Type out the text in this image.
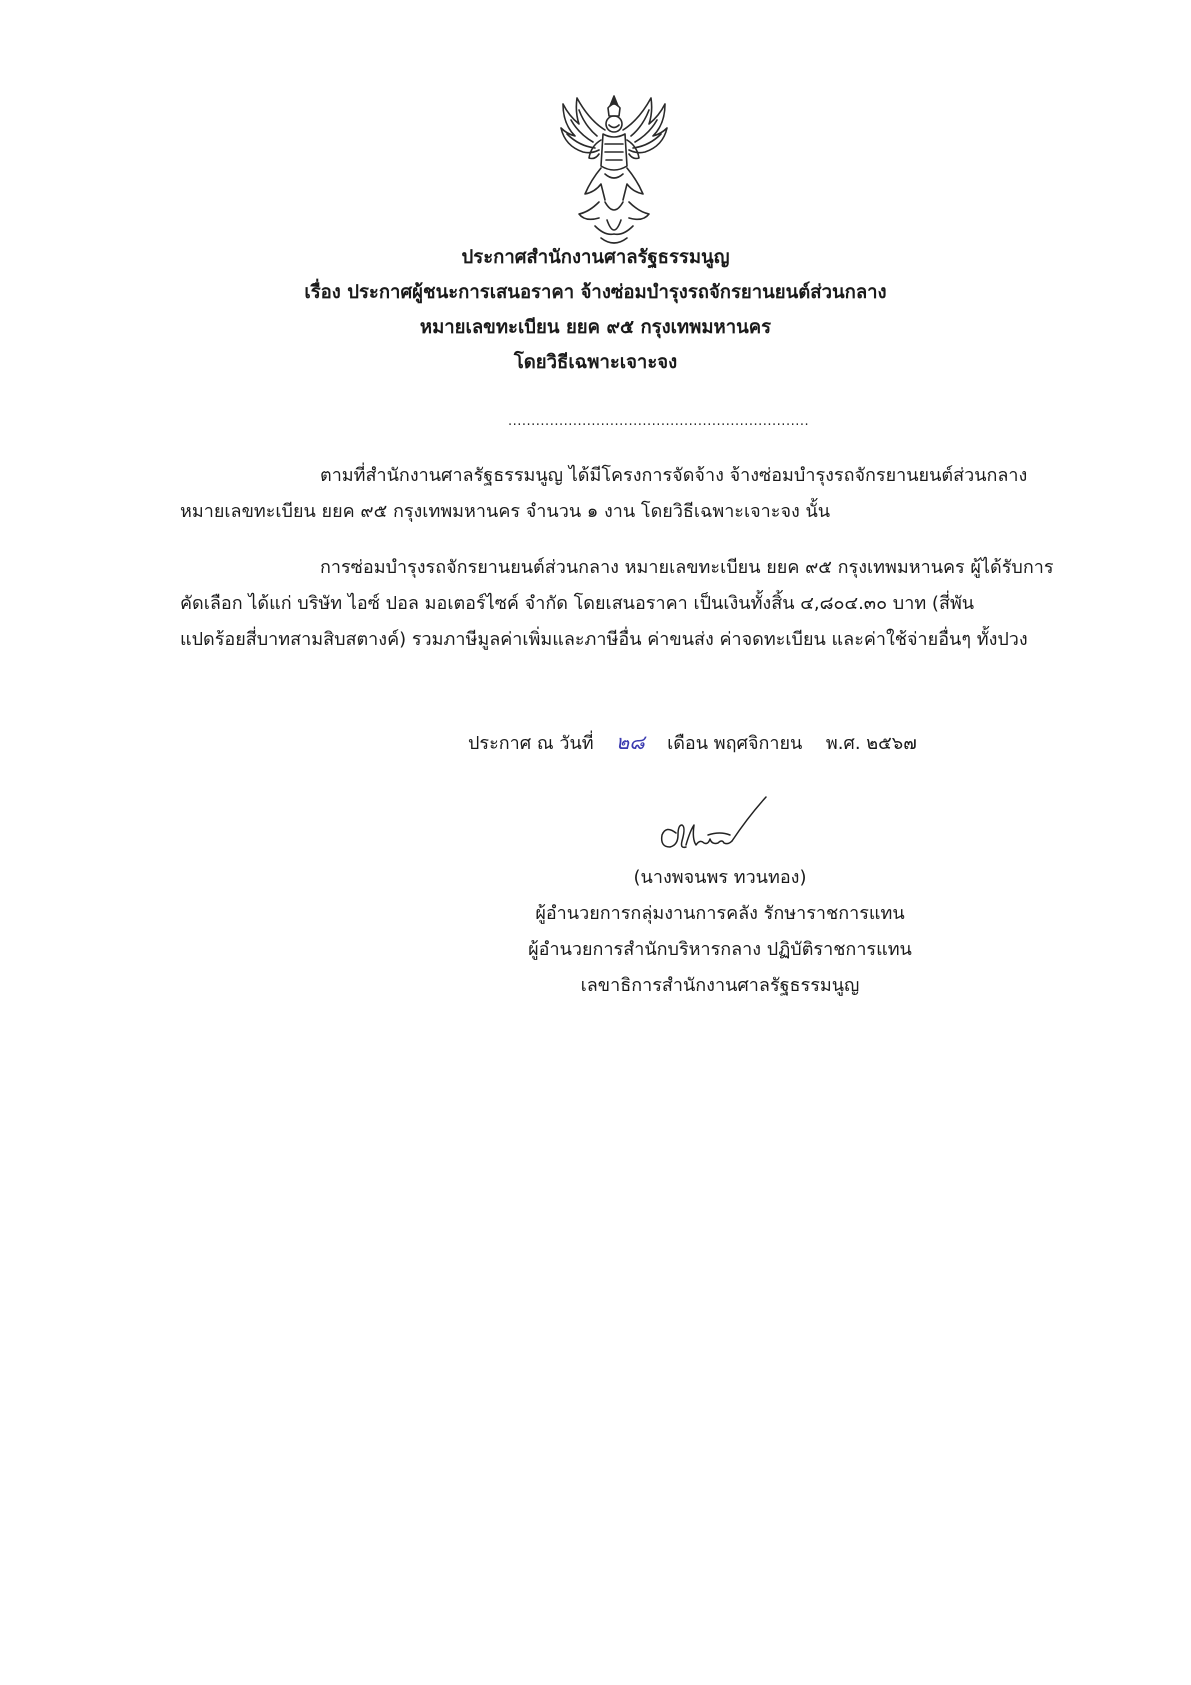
ประกาศสำนักงานศาลรัฐธรรมนูญ
เรื่อง ประกาศผู้ชนะการเสนอราคา จ้างซ่อมบำรุงรถจักรยานยนต์ส่วนกลาง
หมายเลขทะเบียน ยยค ๙๕ กรุงเทพมหานคร
โดยวิธีเฉพาะเจาะจง
.................................................................
ตามที่สำนักงานศาลรัฐธรรมนูญ ได้มีโครงการจัดจ้าง จ้างซ่อมบำรุงรถจักรยานยนต์ส่วนกลาง
หมายเลขทะเบียน ยยค ๙๕ กรุงเทพมหานคร จำนวน ๑ งาน โดยวิธีเฉพาะเจาะจง นั้น
การซ่อมบำรุงรถจักรยานยนต์ส่วนกลาง หมายเลขทะเบียน ยยค ๙๕ กรุงเทพมหานคร ผู้ได้รับการ
คัดเลือก ได้แก่ บริษัท ไอซ์ ปอล มอเตอร์ไซค์ จำกัด โดยเสนอราคา เป็นเงินทั้งสิ้น ๔,๘๐๔.๓๐ บาท (สี่พัน
แปดร้อยสี่บาทสามสิบสตางค์) รวมภาษีมูลค่าเพิ่มและภาษีอื่น ค่าขนส่ง ค่าจดทะเบียน และค่าใช้จ่ายอื่นๆ ทั้งปวง
ประกาศ ณ วันที่ ๒๘ เดือน พฤศจิกายน พ.ศ. ๒๕๖๗
(นางพจนพร ทวนทอง)
ผู้อำนวยการกลุ่มงานการคลัง รักษาราชการแทน
ผู้อำนวยการสำนักบริหารกลาง ปฏิบัติราชการแทน
เลขาธิการสำนักงานศาลรัฐธรรมนูญ
